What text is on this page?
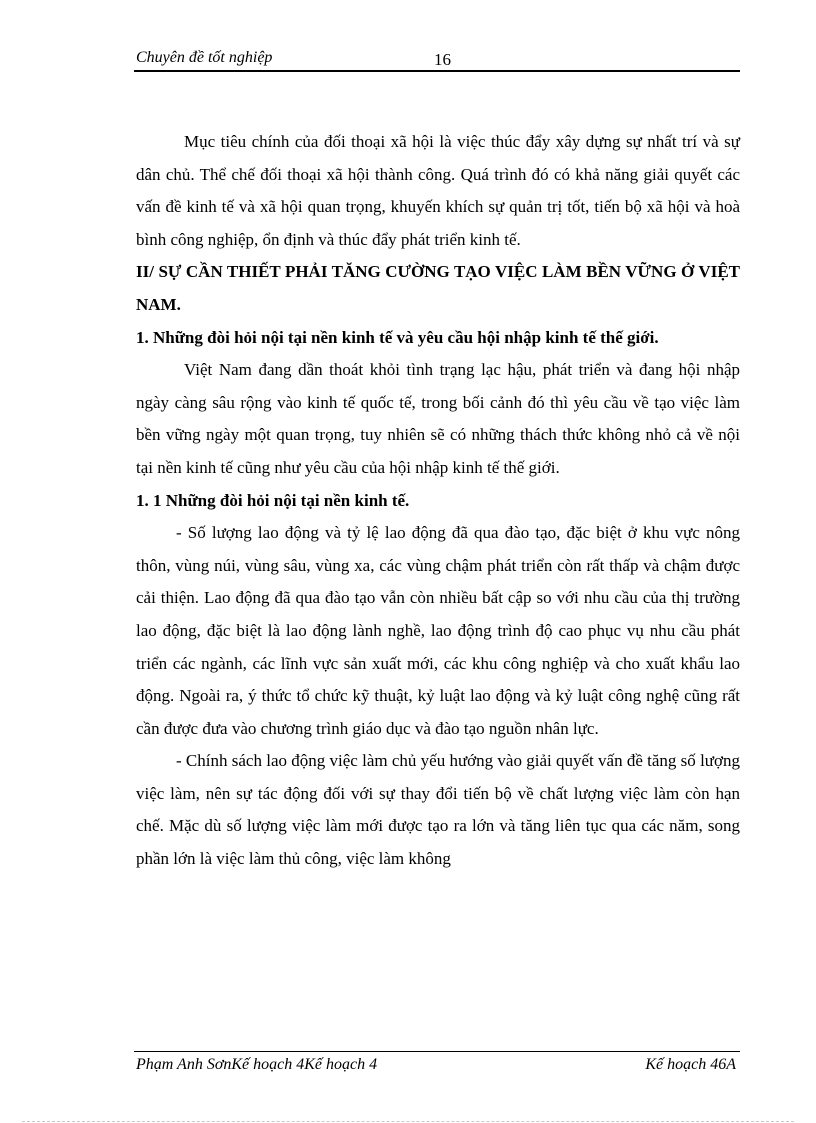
Chuyên đề tốt nghiệp	16

Mục tiêu chính của đối thoại xã hội là việc thúc đẩy xây dựng sự nhất trí và sự dân chủ. Thể chế đối thoại xã hội thành công. Quá trình đó có khả năng giải quyết các vấn đề kinh tế và xã hội quan trọng, khuyến khích sự quản trị tốt, tiến bộ xã hội và hoà bình công nghiệp, ổn định và thúc đẩy phát triển kinh tế.

II/ SỰ CẦN THIẾT PHẢI TĂNG CƯỜNG TẠO VIỆC LÀM BỀN VỮNG Ở VIỆT NAM.

1. Những đòi hỏi nội tại nền kinh tế và yêu cầu hội nhập kinh tế thế giới.

Việt Nam đang dần thoát khỏi tình trạng lạc hậu, phát triển và đang hội nhập ngày càng sâu rộng vào kinh tế quốc tế, trong bối cảnh đó thì yêu cầu về tạo việc làm bền vững ngày một quan trọng, tuy nhiên sẽ có những thách thức không nhỏ cả về nội tại nền kinh tế cũng như yêu cầu của hội nhập kinh tế thế giới.

1. 1 Những đòi hỏi nội tại nền kinh tế.

- Số lượng lao động và tỷ lệ lao động đã qua đào tạo, đặc biệt ở khu vực nông thôn, vùng núi, vùng sâu, vùng xa, các vùng chậm phát triển còn rất thấp và chậm được cải thiện. Lao động đã qua đào tạo vẫn còn nhiều bất cập so với nhu cầu của thị trường lao động, đặc biệt là lao động lành nghề, lao động trình độ cao phục vụ nhu cầu phát triển các ngành, các lĩnh vực sản xuất mới, các khu công nghiệp và cho xuất khẩu lao động. Ngoài ra, ý thức tổ chức kỹ thuật, kỷ luật lao động và kỷ luật công nghệ cũng rất cần được đưa vào chương trình giáo dục và đào tạo nguồn nhân lực.

- Chính sách lao động việc làm chủ yếu hướng vào giải quyết vấn đề tăng số lượng việc làm, nên sự tác động đối với sự thay đổi tiến bộ về chất lượng việc làm còn hạn chế. Mặc dù số lượng việc làm mới được tạo ra lớn và tăng liên tục qua các năm, song phần lớn là việc làm thủ công, việc làm không

Phạm Anh SơnKế hoạch 4Kế hoạch 4	Kế hoạch 46A
